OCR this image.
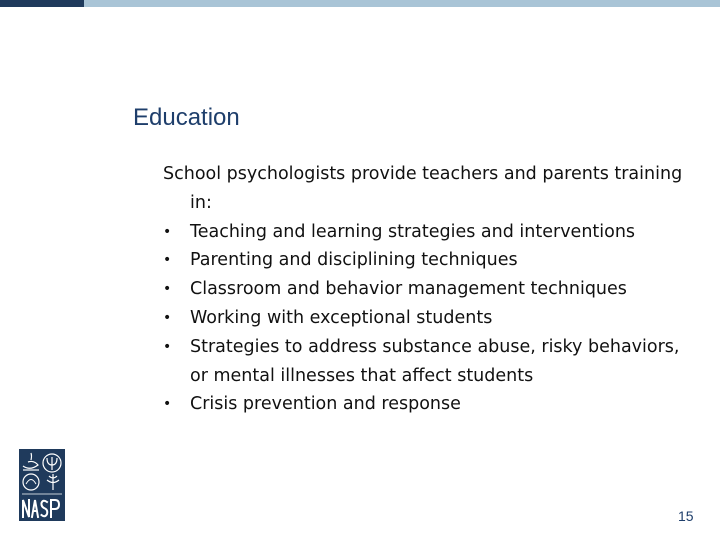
Education

School psychologists provide teachers and parents training in:

•	Teaching and learning strategies and interventions
•	Parenting and disciplining techniques
•	Classroom and behavior management techniques
•	Working with exceptional students
•	Strategies to address substance abuse, risky behaviors, or mental illnesses that affect students
•	Crisis prevention and response
15
